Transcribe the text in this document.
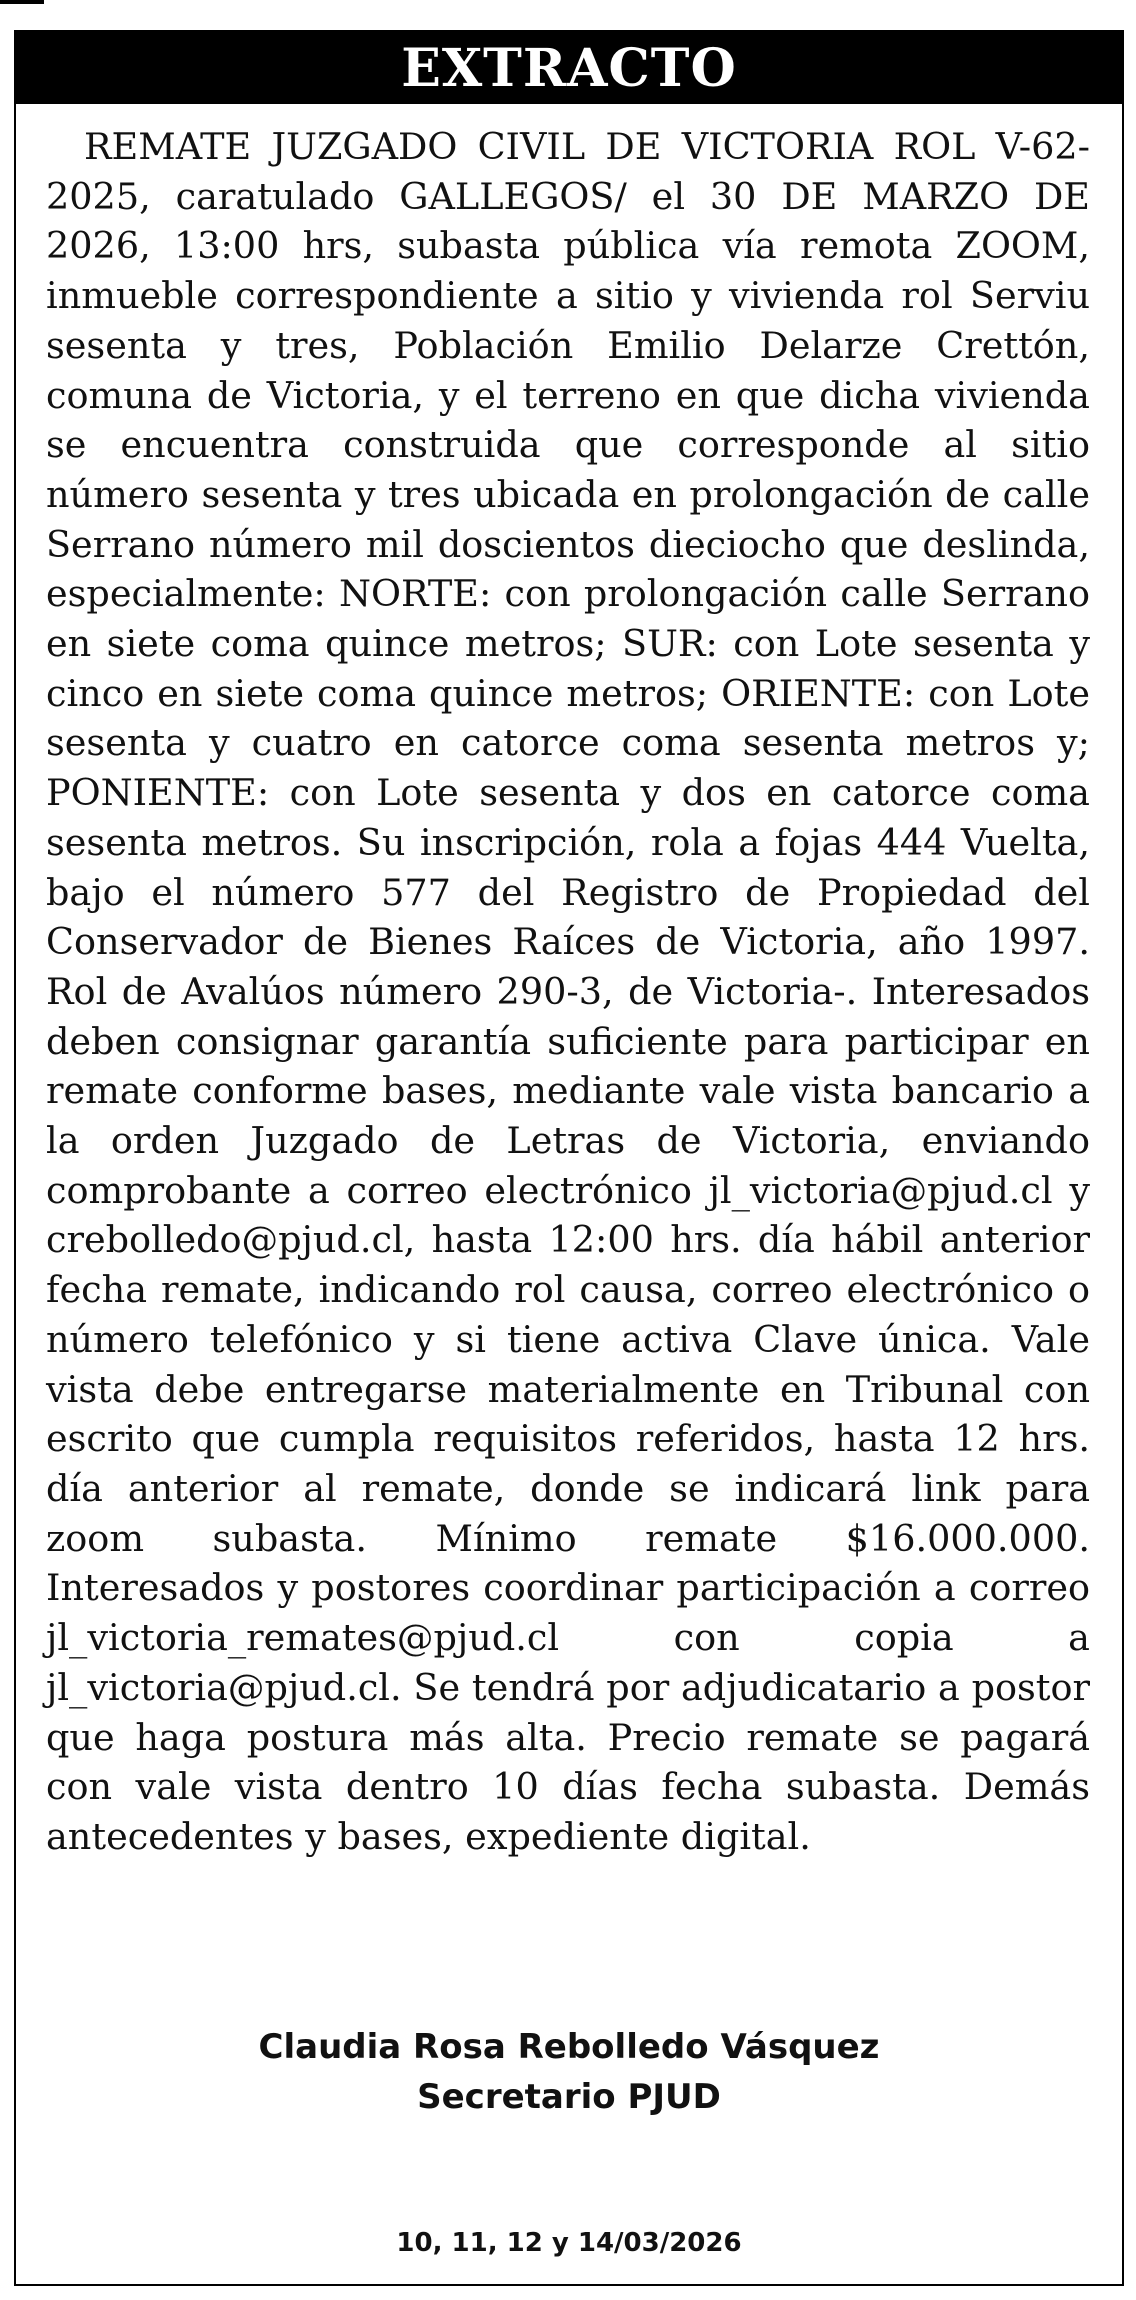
EXTRACTO
REMATE JUZGADO CIVIL DE VICTORIA ROL V-62-2025, caratulado GALLEGOS/ el 30 DE MARZO DE 2026, 13:00 hrs, subasta pública vía remota ZOOM, inmueble correspondiente a sitio y vivienda rol Serviu sesenta y tres, Población Emilio Delarze Crettón, comuna de Victoria, y el terreno en que dicha vivienda se encuentra construida que corresponde al sitio número sesenta y tres ubicada en prolongación de calle Serrano número mil doscientos dieciocho que deslinda, especialmente: NORTE: con prolongación calle Serrano en siete coma quince metros; SUR: con Lote sesenta y cinco en siete coma quince metros; ORIENTE: con Lote sesenta y cuatro en catorce coma sesenta metros y; PONIENTE: con Lote sesenta y dos en catorce coma sesenta metros. Su inscripción, rola a fojas 444 Vuelta, bajo el número 577 del Registro de Propiedad del Conservador de Bienes Raíces de Victoria, año 1997. Rol de Avalúos número 290-3, de Victoria-. Interesados deben consignar garantía suficiente para participar en remate conforme bases, mediante vale vista bancario a la orden Juzgado de Letras de Victoria, enviando comprobante a correo electrónico jl_victoria@pjud.cl y crebolledo@pjud.cl, hasta 12:00 hrs. día hábil anterior fecha remate, indicando rol causa, correo electrónico o número telefónico y si tiene activa Clave única. Vale vista debe entregarse materialmente en Tribunal con escrito que cumpla requisitos referidos, hasta 12 hrs. día anterior al remate, donde se indicará link para zoom subasta. Mínimo remate $16.000.000. Interesados y postores coordinar participación a correo jl_victoria_remates@pjud.cl con copia a jl_victoria@pjud.cl. Se tendrá por adjudicatario a postor que haga postura más alta. Precio remate se pagará con vale vista dentro 10 días fecha subasta. Demás antecedentes y bases, expediente digital.
Claudia Rosa Rebolledo Vásquez
Secretario PJUD
10, 11, 12 y 14/03/2026
